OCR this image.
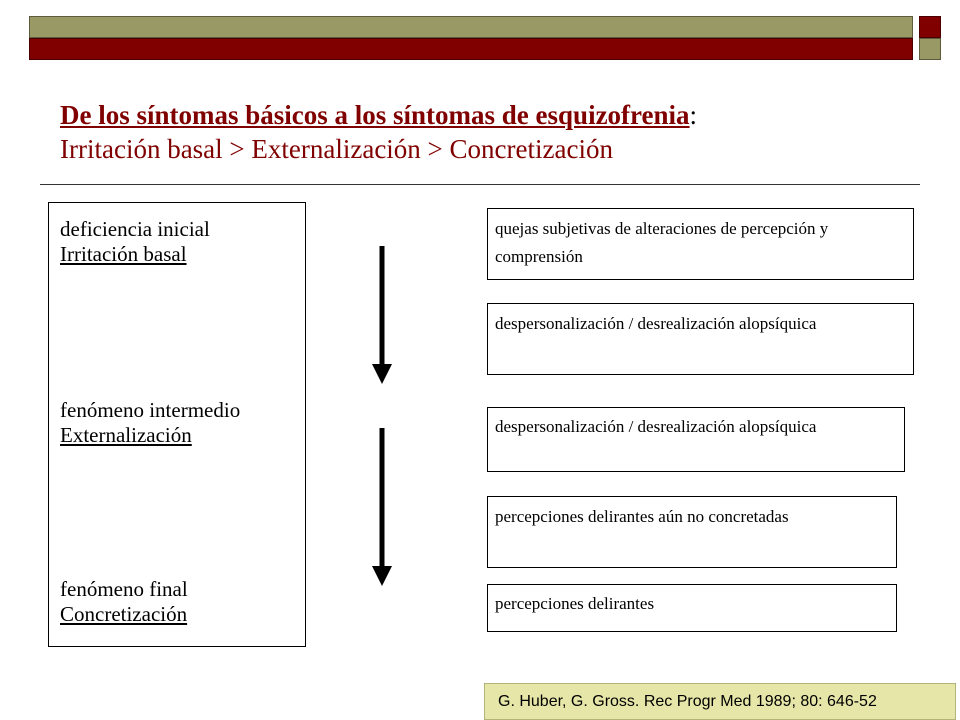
De los síntomas básicos a los síntomas de esquizofrenia:
Irritación basal > Externalización > Concretización
deficiencia inicial
Irritación basal
fenómeno intermedio
Externalización
fenómeno final
Concretización
quejas subjetivas de alteraciones de percepción y comprensión
despersonalización / desrealización alopsíquica
despersonalización / desrealización alopsíquica
percepciones delirantes aún no concretadas
percepciones delirantes
G. Huber, G. Gross. Rec Progr Med 1989; 80: 646-52
